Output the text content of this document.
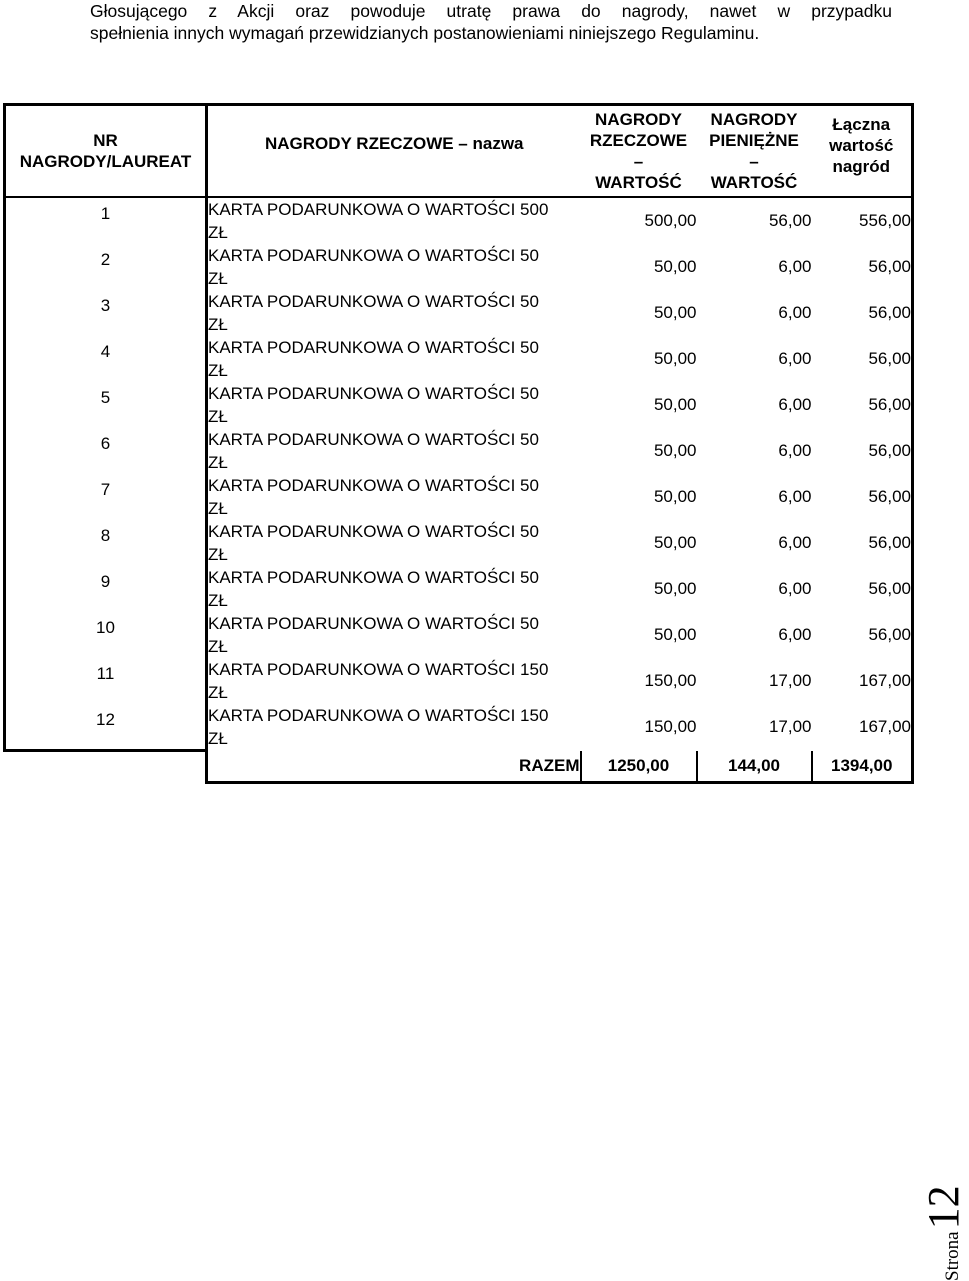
Głosującego z Akcji oraz powoduje utratę prawa do nagrody, nawet w przypadku
spełnienia innych wymagań przewidzianych postanowieniami niniejszego Regulaminu.
NR
NAGRODY/LAUREAT	NAGRODY RZECZOWE – nazwa	NAGRODY
RZECZOWE
–
WARTOŚĆ	NAGRODY
PIENIĘŻNE
–
WARTOŚĆ	Łączna
wartość
nagród

1	KARTA PODARUNKOWA O WARTOŚCI 500
ZŁ	500,00	56,00	556,00
2	KARTA PODARUNKOWA O WARTOŚCI 50
ZŁ	50,00	6,00	56,00
3	KARTA PODARUNKOWA O WARTOŚCI 50
ZŁ	50,00	6,00	56,00
4	KARTA PODARUNKOWA O WARTOŚCI 50
ZŁ	50,00	6,00	56,00
5	KARTA PODARUNKOWA O WARTOŚCI 50
ZŁ	50,00	6,00	56,00
6	KARTA PODARUNKOWA O WARTOŚCI 50
ZŁ	50,00	6,00	56,00
7	KARTA PODARUNKOWA O WARTOŚCI 50
ZŁ	50,00	6,00	56,00
8	KARTA PODARUNKOWA O WARTOŚCI 50
ZŁ	50,00	6,00	56,00
9	KARTA PODARUNKOWA O WARTOŚCI 50
ZŁ	50,00	6,00	56,00
10	KARTA PODARUNKOWA O WARTOŚCI 50
ZŁ	50,00	6,00	56,00
11	KARTA PODARUNKOWA O WARTOŚCI 150
ZŁ	150,00	17,00	167,00
12	KARTA PODARUNKOWA O WARTOŚCI 150
ZŁ	150,00	17,00	167,00
	RAZEM	1250,00	144,00	1394,00
Strona12
